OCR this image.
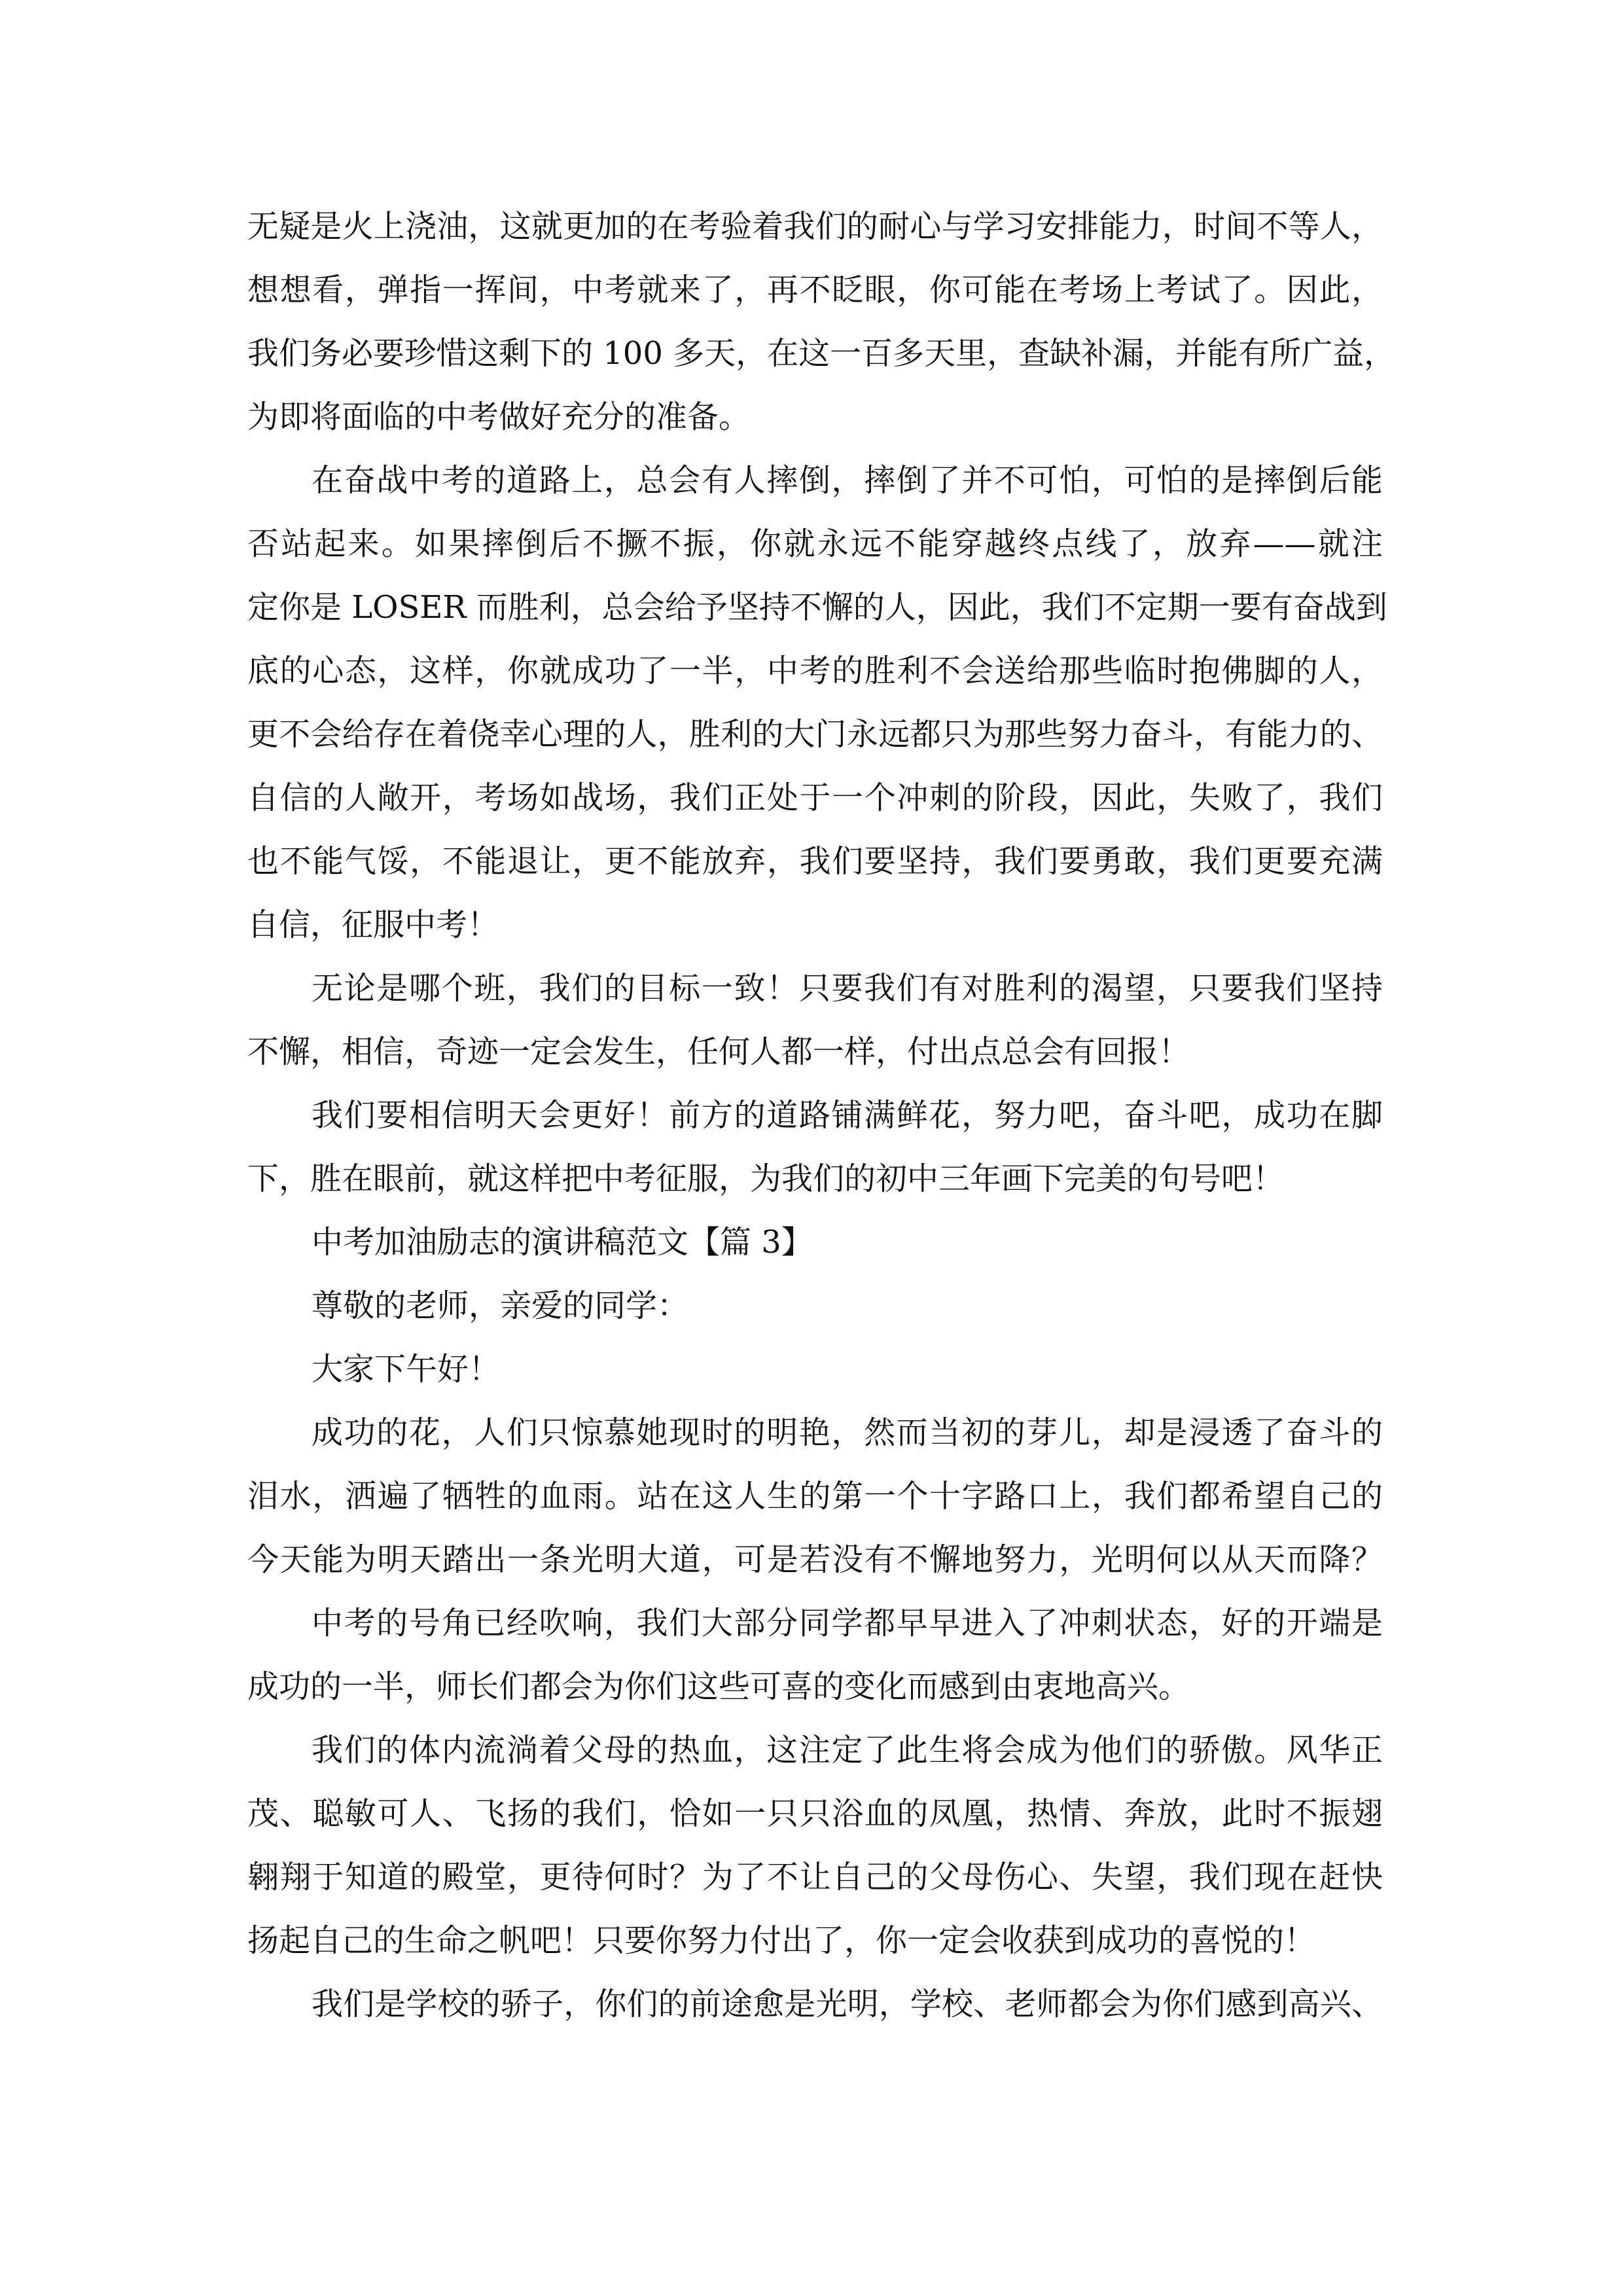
无疑是火上浇油，这就更加的在考验着我们的耐心与学习安排能力，时间不等人，
想想看，弹指一挥间，中考就来了，再不眨眼，你可能在考场上考试了。因此，
我们务必要珍惜这剩下的 100 多天，在这一百多天里，查缺补漏，并能有所广益，
为即将面临的中考做好充分的准备。
在奋战中考的道路上，总会有人摔倒，摔倒了并不可怕，可怕的是摔倒后能
否站起来。如果摔倒后不撅不振，你就永远不能穿越终点线了，放弃——就注
定你是 LOSER 而胜利，总会给予坚持不懈的人，因此，我们不定期一要有奋战到
底的心态，这样，你就成功了一半，中考的胜利不会送给那些临时抱佛脚的人，
更不会给存在着侥幸心理的人，胜利的大门永远都只为那些努力奋斗，有能力的、
自信的人敞开，考场如战场，我们正处于一个冲刺的阶段，因此，失败了，我们
也不能气馁，不能退让，更不能放弃，我们要坚持，我们要勇敢，我们更要充满
自信，征服中考！
无论是哪个班，我们的目标一致！只要我们有对胜利的渴望，只要我们坚持
不懈，相信，奇迹一定会发生，任何人都一样，付出点总会有回报！
我们要相信明天会更好！前方的道路铺满鲜花，努力吧，奋斗吧，成功在脚
下，胜在眼前，就这样把中考征服，为我们的初中三年画下完美的句号吧！
中考加油励志的演讲稿范文【篇 3】
尊敬的老师，亲爱的同学：
大家下午好！
成功的花，人们只惊慕她现时的明艳，然而当初的芽儿，却是浸透了奋斗的
泪水，洒遍了牺牲的血雨。站在这人生的第一个十字路口上，我们都希望自己的
今天能为明天踏出一条光明大道，可是若没有不懈地努力，光明何以从天而降？
中考的号角已经吹响，我们大部分同学都早早进入了冲刺状态，好的开端是
成功的一半，师长们都会为你们这些可喜的变化而感到由衷地高兴。
我们的体内流淌着父母的热血，这注定了此生将会成为他们的骄傲。风华正
茂、聪敏可人、飞扬的我们，恰如一只只浴血的凤凰，热情、奔放，此时不振翅
翱翔于知道的殿堂，更待何时？为了不让自己的父母伤心、失望，我们现在赶快
扬起自己的生命之帆吧！只要你努力付出了，你一定会收获到成功的喜悦的！
我们是学校的骄子，你们的前途愈是光明，学校、老师都会为你们感到高兴、
